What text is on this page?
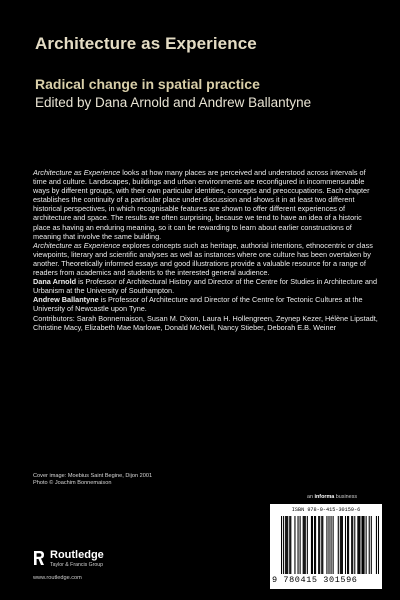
Architecture as Experience
Radical change in spatial practice
Edited by Dana Arnold and Andrew Ballantyne

Architecture as Experience looks at how many places are perceived and understood across intervals of time and culture. Landscapes, buildings and urban environments are reconfigured in incommensurable ways by different groups, with their own particular identities, concepts and preoccupations. Each chapter establishes the continuity of a particular place under discussion and shows it in at least two different historical perspectives, in which recognisable features are shown to offer different experiences of architecture and space. The results are often surprising, because we tend to have an idea of a historic place as having an enduring meaning, so it can be rewarding to learn about earlier constructions of meaning that involve the same building.

Architecture as Experience explores concepts such as heritage, authorial intentions, ethnocentric or class viewpoints, literary and scientific analyses as well as instances where one culture has been overtaken by another. Theoretically informed essays and good illustrations provide a valuable resource for a range of readers from academics and students to the interested general audience.

Dana Arnold is Professor of Architectural History and Director of the Centre for Studies in Architecture and Urbanism at the University of Southampton.

Andrew Ballantyne is Professor of Architecture and Director of the Centre for Tectonic Cultures at the University of Newcastle upon Tyne.

Contributors: Sarah Bonnemaison, Susan M. Dixon, Laura H. Hollengreen, Zeynep Kezer, Hélène Lipstadt, Christine Macy, Elizabeth Mae Marlowe, Donald McNeill, Nancy Stieber, Deborah E.B. Weiner

Cover image: Moebius Saint Begine, Dijon 2001
Photo © Joachim Bonnemaison
Routledge
Taylor & Francis Group
www.routledge.com
an informa business
ISBN 978-0-415-30159-6
9 780415 301596
